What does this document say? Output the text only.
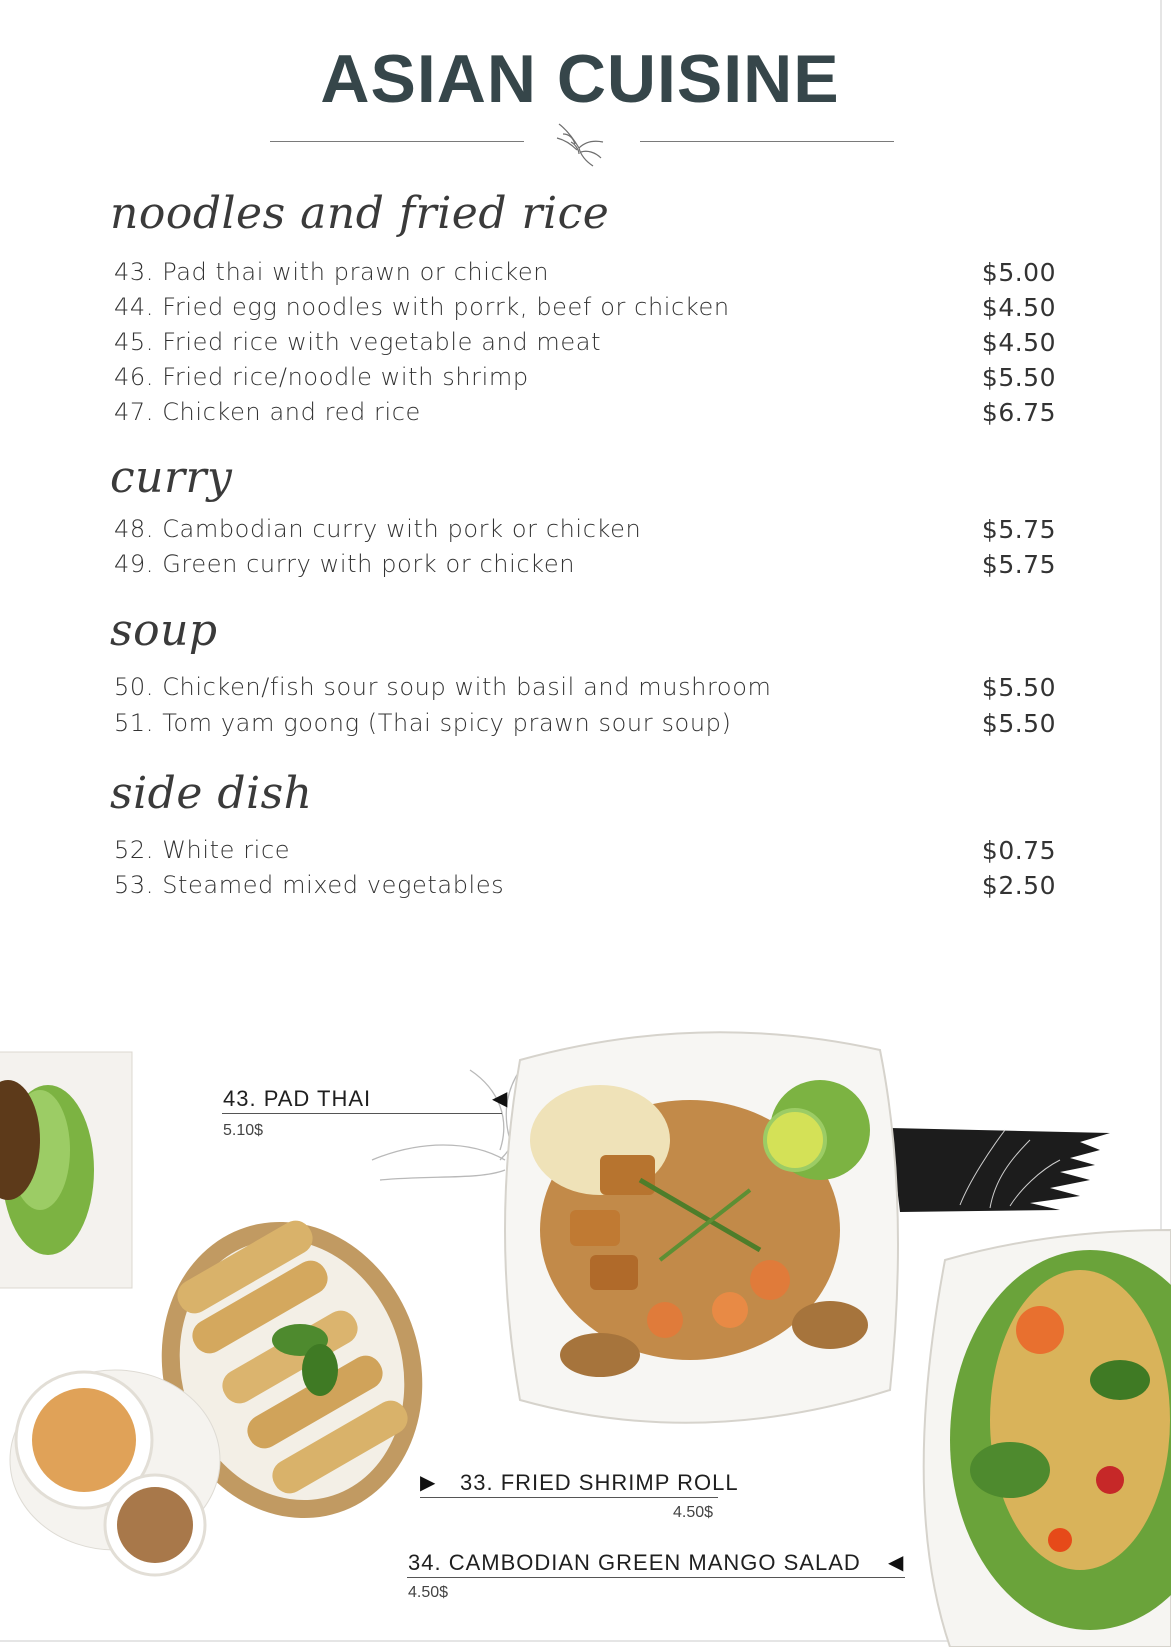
ASIAN CUISINE
noodles and fried rice
43. Pad thai with prawn or chicken	$5.00
44. Fried egg noodles with porrk, beef or chicken	$4.50
45. Fried rice with vegetable and meat	$4.50
46. Fried rice/noodle with shrimp	$5.50
47. Chicken and red rice	$6.75
curry
48. Cambodian curry with pork or chicken	$5.75
49. Green curry with pork or chicken	$5.75
soup
50. Chicken/fish sour soup with basil and mushroom	$5.50
51. Tom yam goong (Thai spicy prawn sour soup)	$5.50
side dish
52. White rice	$0.75
53. Steamed mixed vegetables	$2.50
43. PAD THAI	◀
5.10$
▶ 33. FRIED SHRIMP ROLL
4.50$
34. CAMBODIAN GREEN MANGO SALAD ◀
4.50$
